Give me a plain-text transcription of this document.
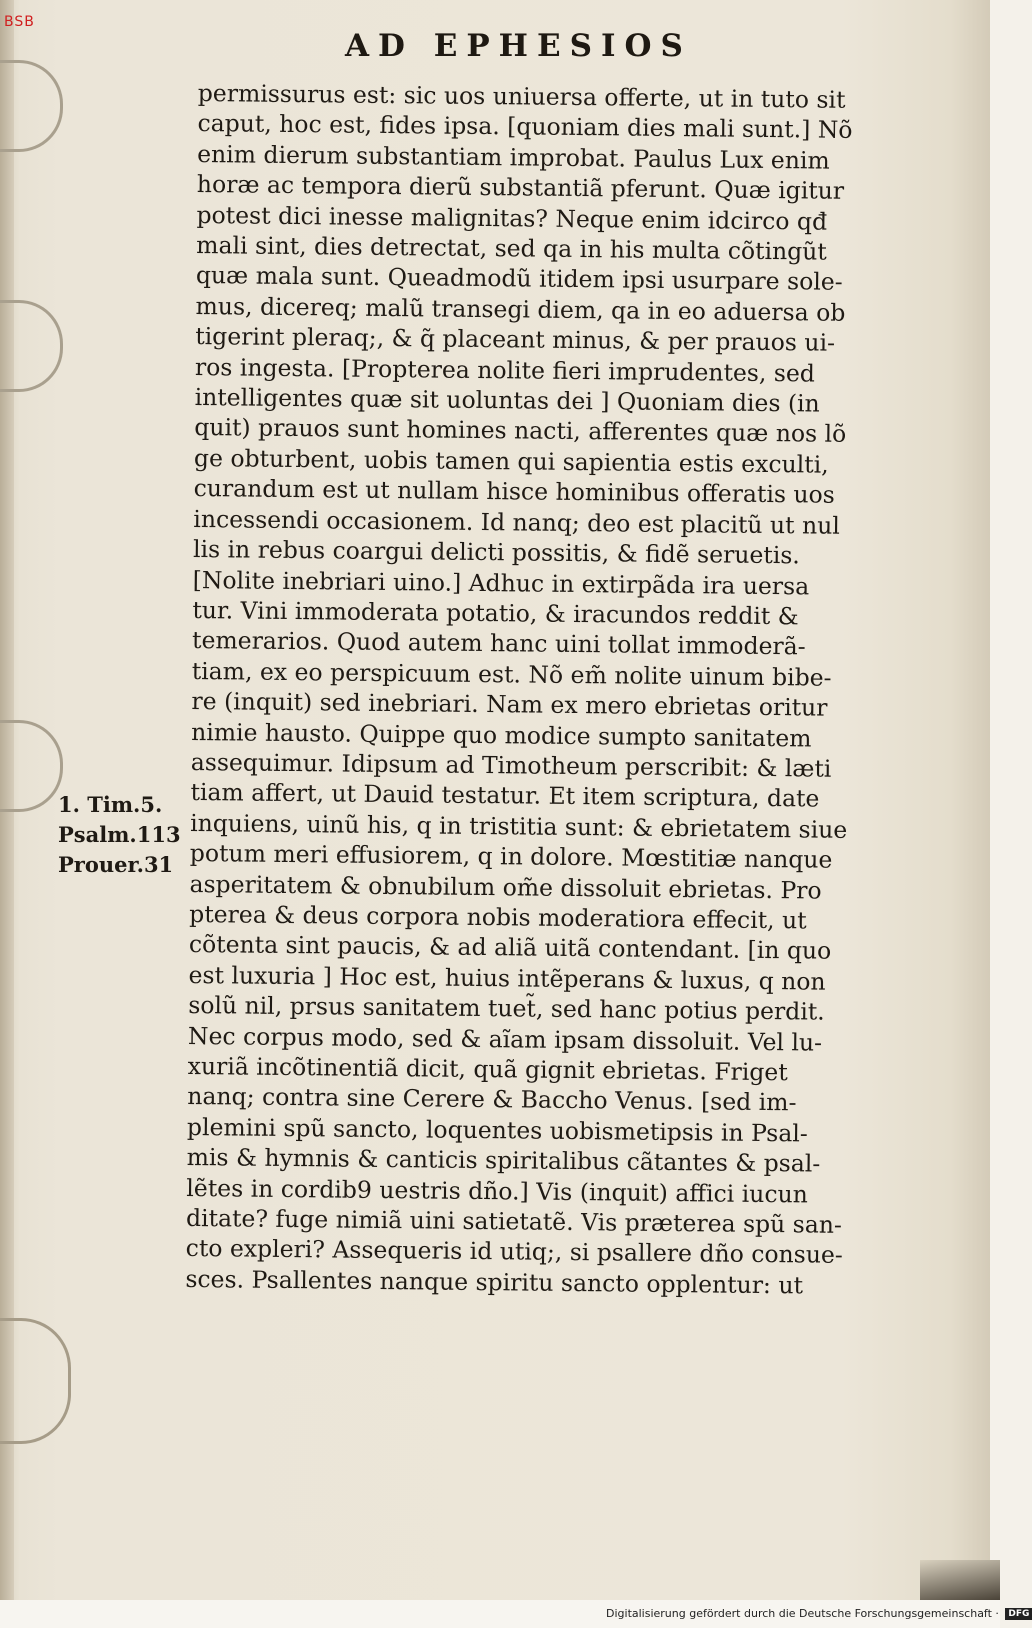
BSB
AD EPHESIOS
1. Tim.5.
Psalm.113
Prouer.31
permissurus est: sic uos uniuersa offerte, ut in tuto sit
caput, hoc est, fides ipsa. [quoniam dies mali sunt.] Nõ
enim dierum substantiam improbat. Paulus Lux enim
horæ ac tempora dierũ substantiã pferunt. Quæ igitur
potest dici inesse malignitas? Neque enim idcirco qđ
mali sint, dies detrectat, sed qa in his multa cõtingũt
quæ mala sunt. Queadmodũ itidem ipsi usurpare sole-
mus, dicereq; malũ transegi diem, qa in eo aduersa ob
tigerint pleraq;, & q̃ placeant minus, & per prauos ui-
ros ingesta. [Propterea nolite fieri imprudentes, sed
intelligentes quæ sit uoluntas dei ] Quoniam dies (in
quit) prauos sunt homines nacti, afferentes quæ nos lõ
ge obturbent, uobis tamen qui sapientia estis exculti,
curandum est ut nullam hisce hominibus offeratis uos
incessendi occasionem. Id nanq; deo est placitũ ut nul
lis in rebus coargui delicti possitis, & fidẽ seruetis.
[Nolite inebriari uino.] Adhuc in extirpãda ira uersa
tur. Vini immoderata potatio, & iracundos reddit &
temerarios. Quod autem hanc uini tollat immoderã-
tiam, ex eo perspicuum est. Nõ em̃ nolite uinum bibe-
re (inquit) sed inebriari. Nam ex mero ebrietas oritur
nimie hausto. Quippe quo modice sumpto sanitatem
assequimur. Idipsum ad Timotheum perscribit: & læti
tiam affert, ut Dauid testatur. Et item scriptura, date
inquiens, uinũ his, q in tristitia sunt: & ebrietatem siue
potum meri effusiorem, q in dolore. Mœstitiæ nanque
asperitatem & obnubilum om̃e dissoluit ebrietas. Pro
pterea & deus corpora nobis moderatiora effecit, ut
cõtenta sint paucis, & ad aliã uitã contendant. [in quo
est luxuria ] Hoc est, huius intẽperans & luxus, q non
solũ nil, prsus sanitatem tuet̃, sed hanc potius perdit.
Nec corpus modo, sed & aĩam ipsam dissoluit. Vel lu-
xuriã incõtinentiã dicit, quã gignit ebrietas. Friget
nanq; contra sine Cerere & Baccho Venus. [sed im-
plemini spũ sancto, loquentes uobismetipsis in Psal-
mis & hymnis & canticis spiritalibus cãtantes & psal-
lẽtes in cordib9 uestris dño.] Vis (inquit) affici iucun
ditate? fuge nimiã uini satietatẽ. Vis præterea spũ san-
cto expleri? Assequeris id utiq;, si psallere dño consue-
sces. Psallentes nanque spiritu sancto opplentur: ut
Digitalisierung gefördert durch die Deutsche Forschungsgemeinschaft · DFG
